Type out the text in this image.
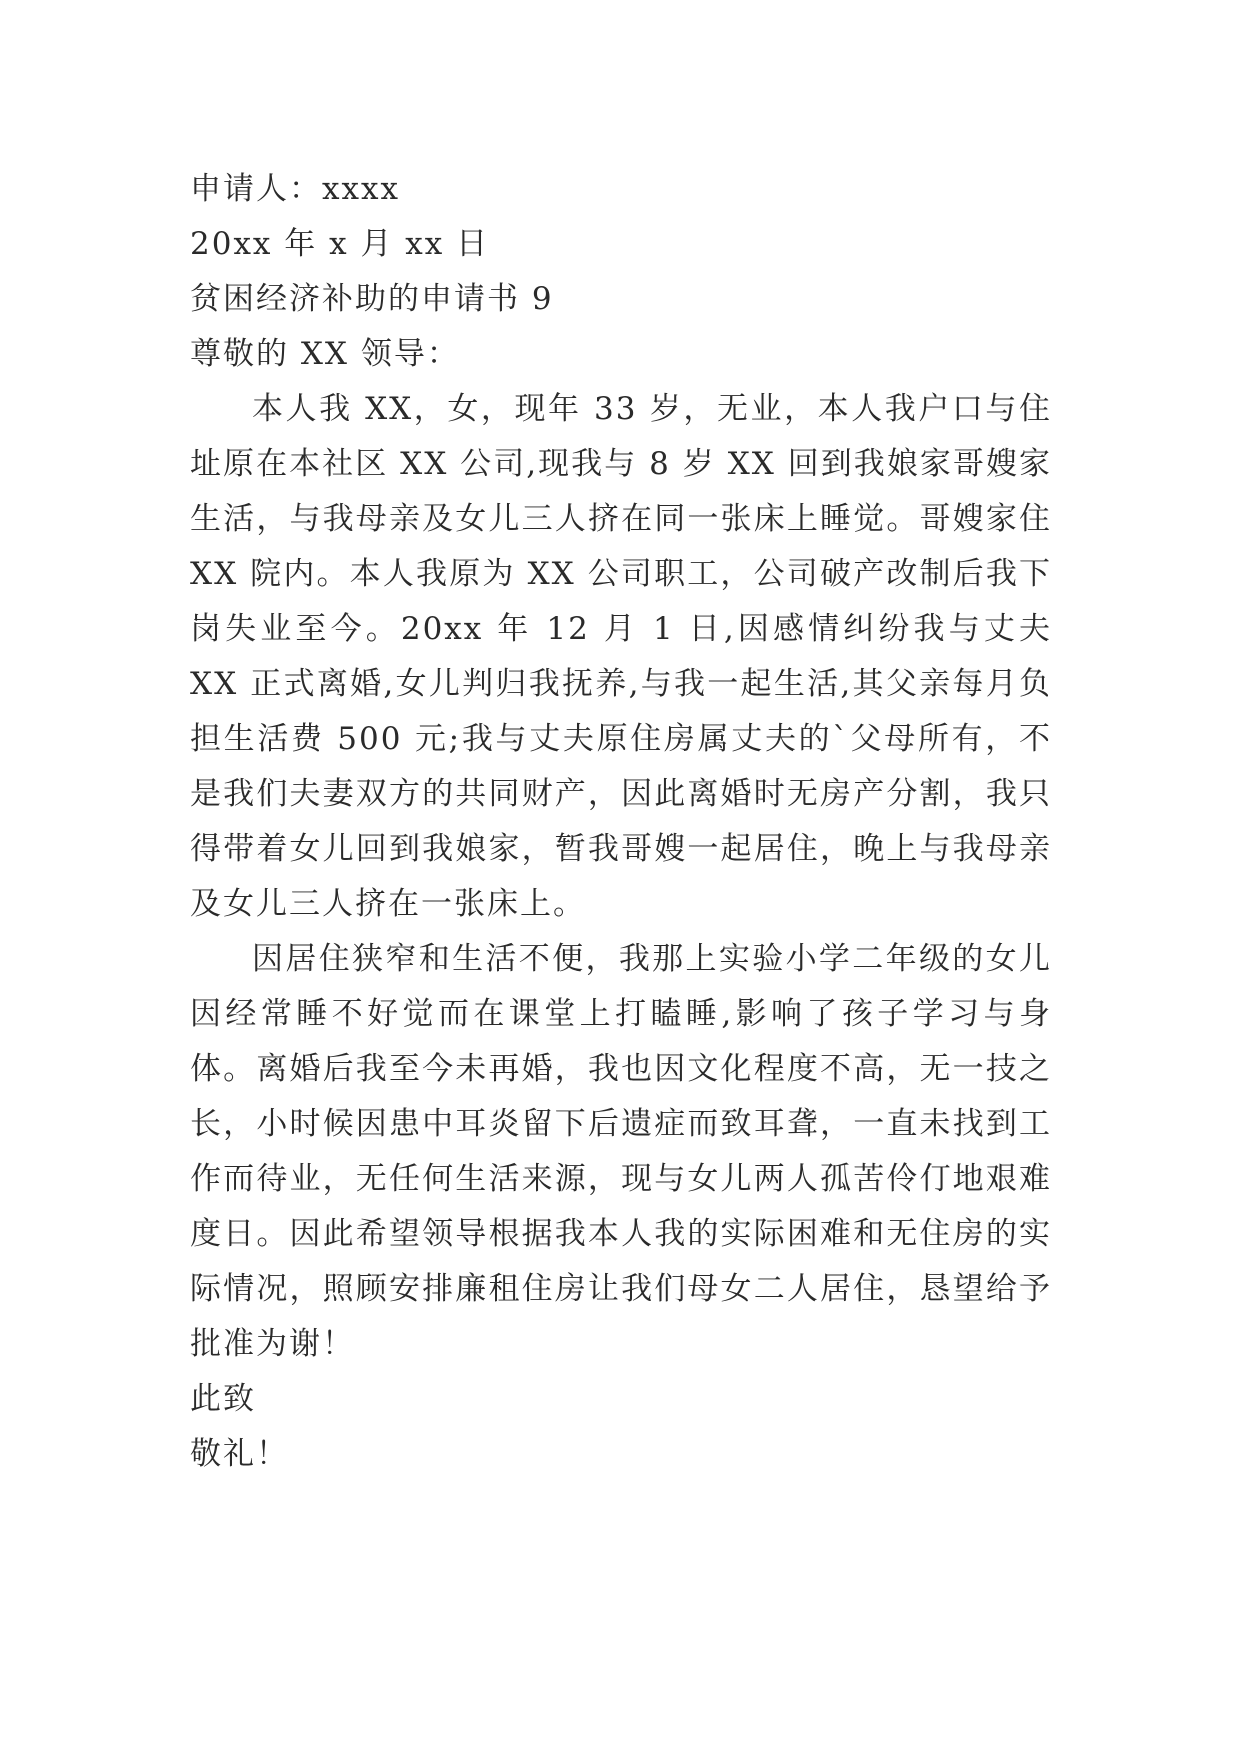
申请人：xxxx
20xx 年 x 月 xx 日
贫困经济补助的申请书 9
尊敬的 XX 领导：
本人我 XX，女，现年 33 岁，无业，本人我户口与住址原在本社区 XX 公司,现我与 8 岁 XX 回到我娘家哥嫂家生活，与我母亲及女儿三人挤在同一张床上睡觉。哥嫂家住 XX 院内。本人我原为 XX 公司职工，公司破产改制后我下岗失业至今。20xx 年 12 月 1 日,因感情纠纷我与丈夫 XX 正式离婚,女儿判归我抚养,与我一起生活,其父亲每月负担生活费 500 元;我与丈夫原住房属丈夫的`父母所有，不是我们夫妻双方的共同财产，因此离婚时无房产分割，我只得带着女儿回到我娘家，暂我哥嫂一起居住，晚上与我母亲及女儿三人挤在一张床上。
因居住狭窄和生活不便，我那上实验小学二年级的女儿因经常睡不好觉而在课堂上打瞌睡,影响了孩子学习与身体。离婚后我至今未再婚，我也因文化程度不高，无一技之长，小时候因患中耳炎留下后遗症而致耳聋，一直未找到工作而待业，无任何生活来源，现与女儿两人孤苦伶仃地艰难度日。因此希望领导根据我本人我的实际困难和无住房的实际情况，照顾安排廉租住房让我们母女二人居住，恳望给予批准为谢！
此致
敬礼！
